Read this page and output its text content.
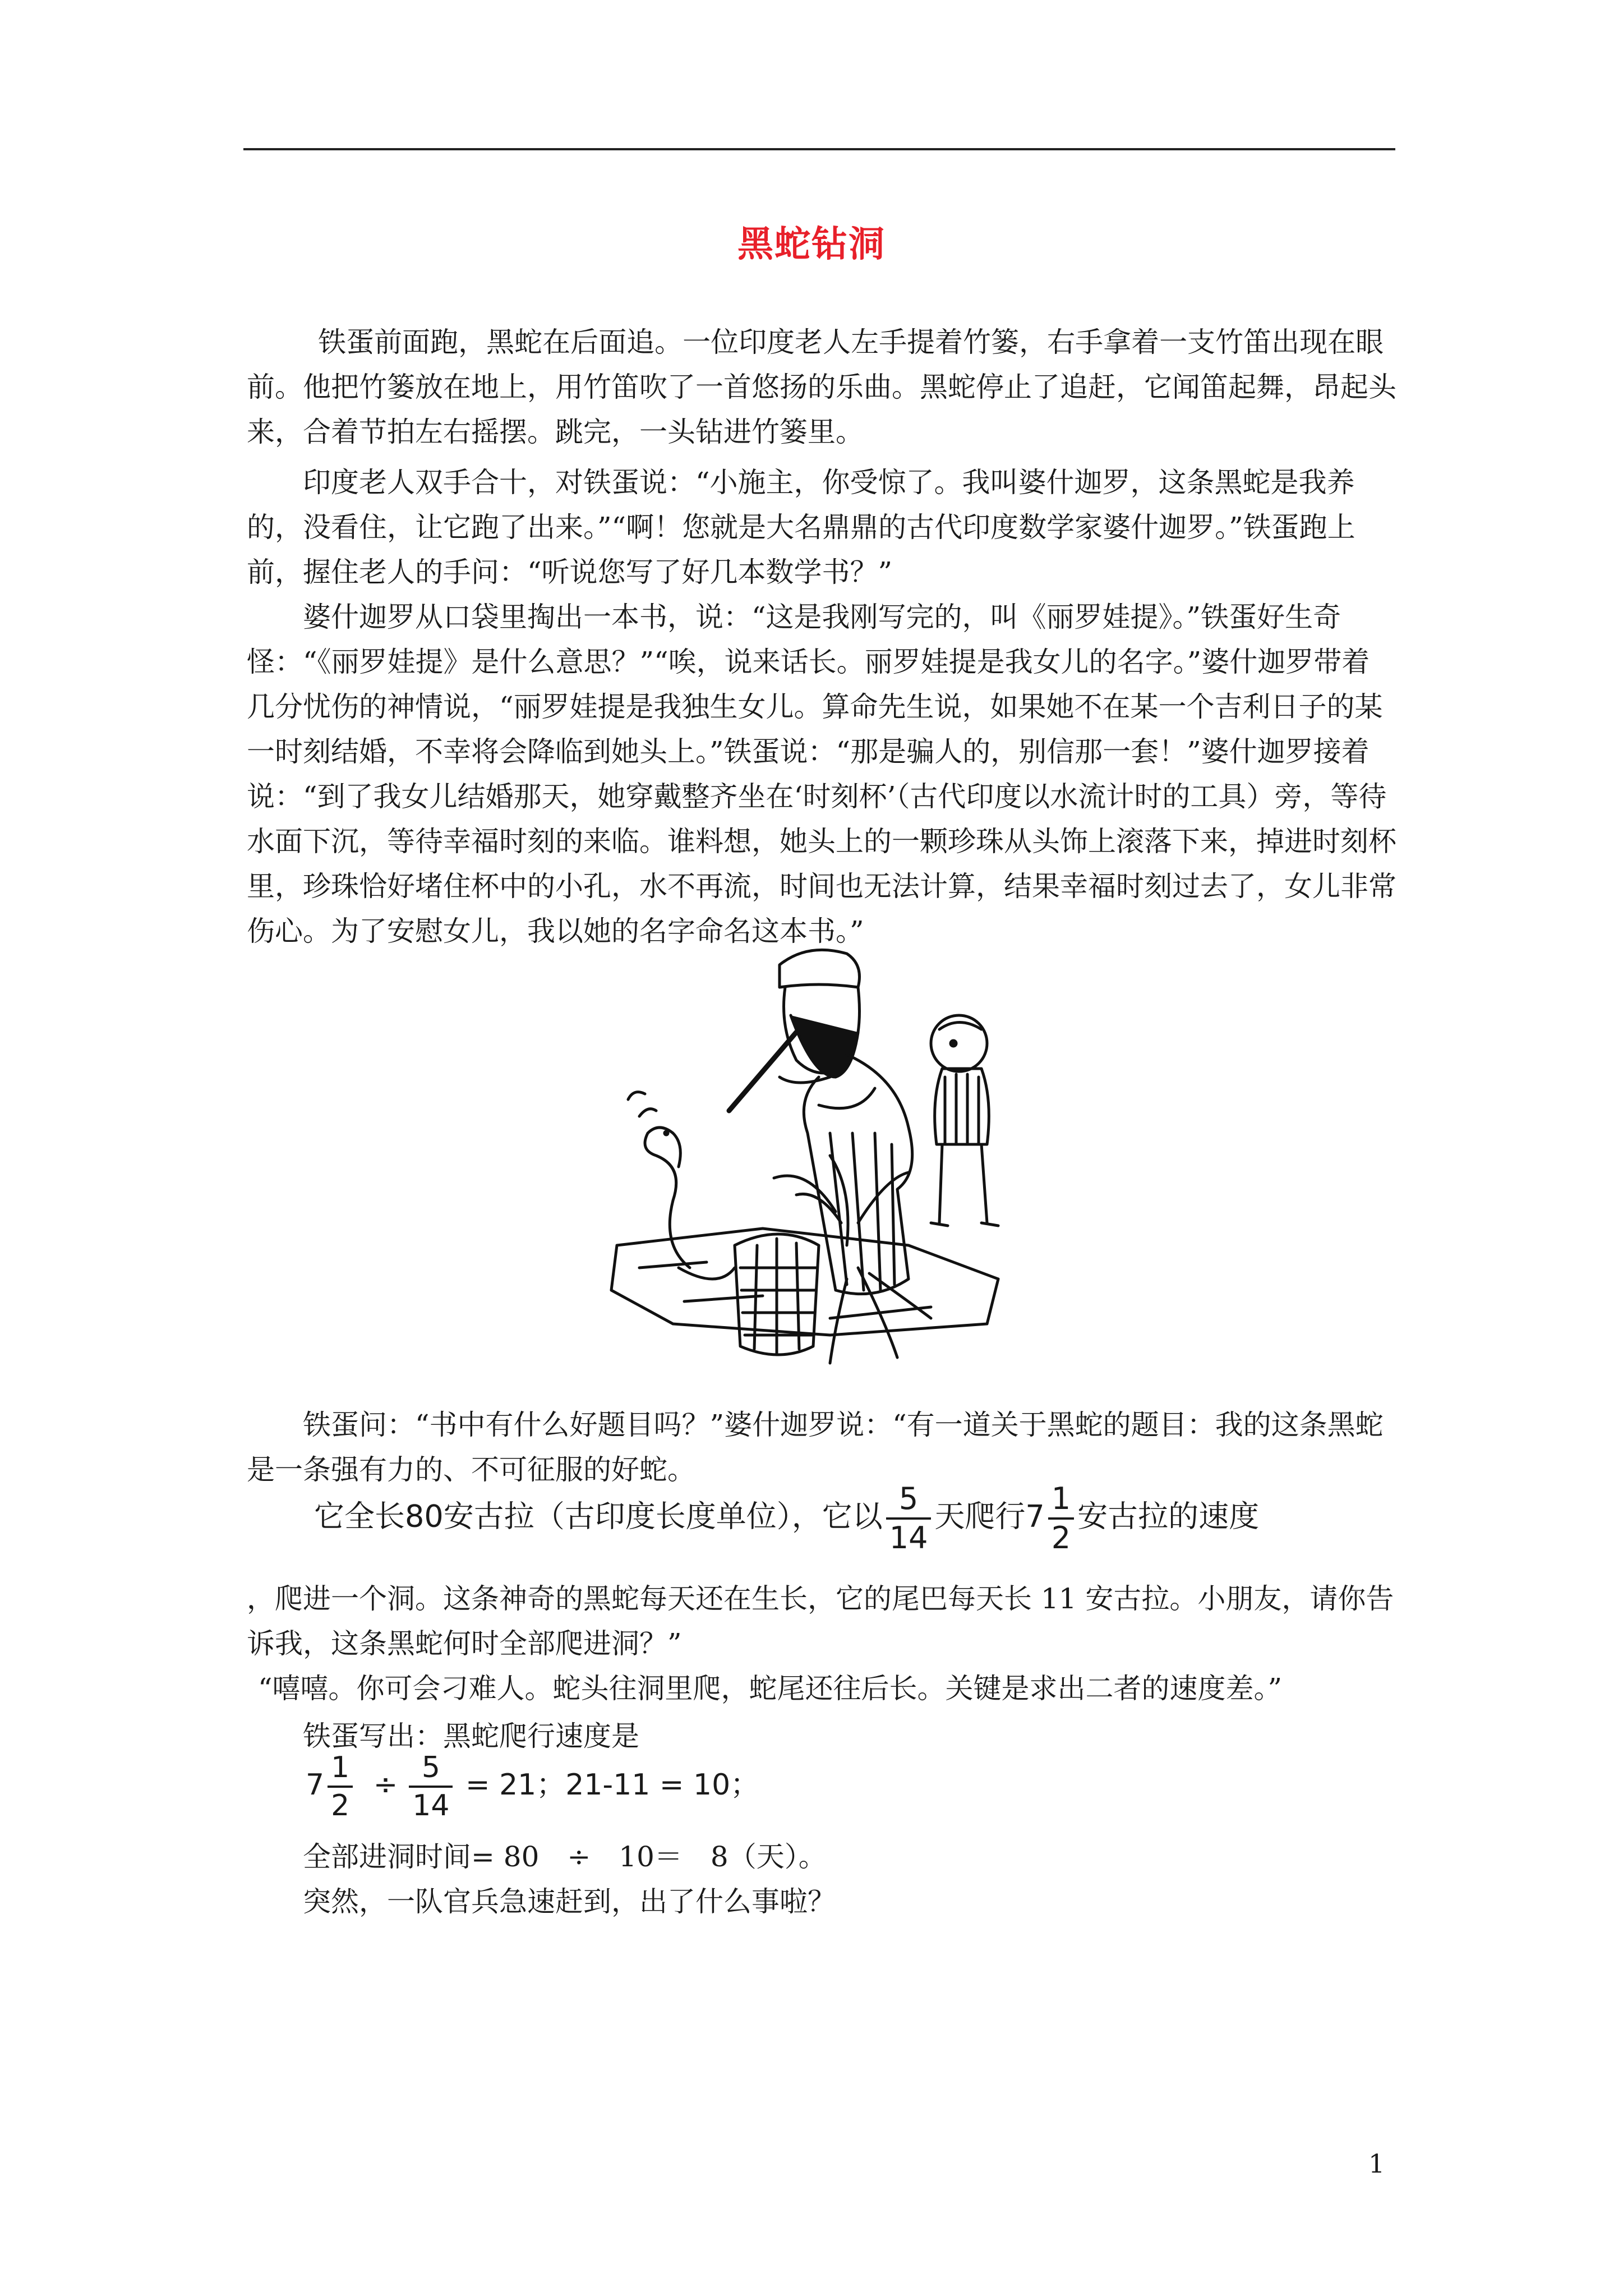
黑蛇钻洞
铁蛋前面跑，黑蛇在后面追。一位印度老人左手提着竹篓，右手拿着一支竹笛出现在眼前。他把竹篓放在地上，用竹笛吹了一首悠扬的乐曲。黑蛇停止了追赶，它闻笛起舞，昂起头来，合着节拍左右摇摆。跳完，一头钻进竹篓里。
印度老人双手合十，对铁蛋说：“小施主，你受惊了。我叫婆什迦罗，这条黑蛇是我养的，没看住，让它跑了出来。”“啊！您就是大名鼎鼎的古代印度数学家婆什迦罗。”铁蛋跑上前，握住老人的手问：“听说您写了好几本数学书？”
婆什迦罗从口袋里掏出一本书，说：“这是我刚写完的，叫《丽罗娃提》。”铁蛋好生奇怪：“《丽罗娃提》是什么意思？”“唉，说来话长。丽罗娃提是我女儿的名字。”婆什迦罗带着几分忧伤的神情说，“丽罗娃提是我独生女儿。算命先生说，如果她不在某一个吉利日子的某一时刻结婚，不幸将会降临到她头上。”铁蛋说：“那是骗人的，别信那一套！”婆什迦罗接着说：“到了我女儿结婚那天，她穿戴整齐坐在‘时刻杯’（古代印度以水流计时的工具）旁，等待水面下沉，等待幸福时刻的来临。谁料想，她头上的一颗珍珠从头饰上滚落下来，掉进时刻杯里，珍珠恰好堵住杯中的小孔，水不再流，时间也无法计算，结果幸福时刻过去了，女儿非常伤心。为了安慰女儿，我以她的名字命名这本书。”
铁蛋问：“书中有什么好题目吗？”婆什迦罗说：“有一道关于黑蛇的题目：我的这条黑蛇是一条强有力的、不可征服的好蛇。
它全长80安古拉（古印度长度单位），它以 $\frac{5}{14}$ 天爬行$7 \frac{1}{2}$ 安古拉的速度
，爬进一个洞。这条神奇的黑蛇每天还在生长，它的尾巴每天长 11 安古拉。小朋友，请你告诉我，这条黑蛇何时全部爬进洞？”
“嘻嘻。你可会刁难人。蛇头往洞里爬，蛇尾还往后长。关键是求出二者的速度差。”
铁蛋写出：黑蛇爬行速度是
$7 \frac{1}{2} \div \frac{5}{14} = 21$；21-11 = 10；
全部进洞时间= 80　÷　10＝　8（天）。
突然，一队官兵急速赶到，出了什么事啦？
1
